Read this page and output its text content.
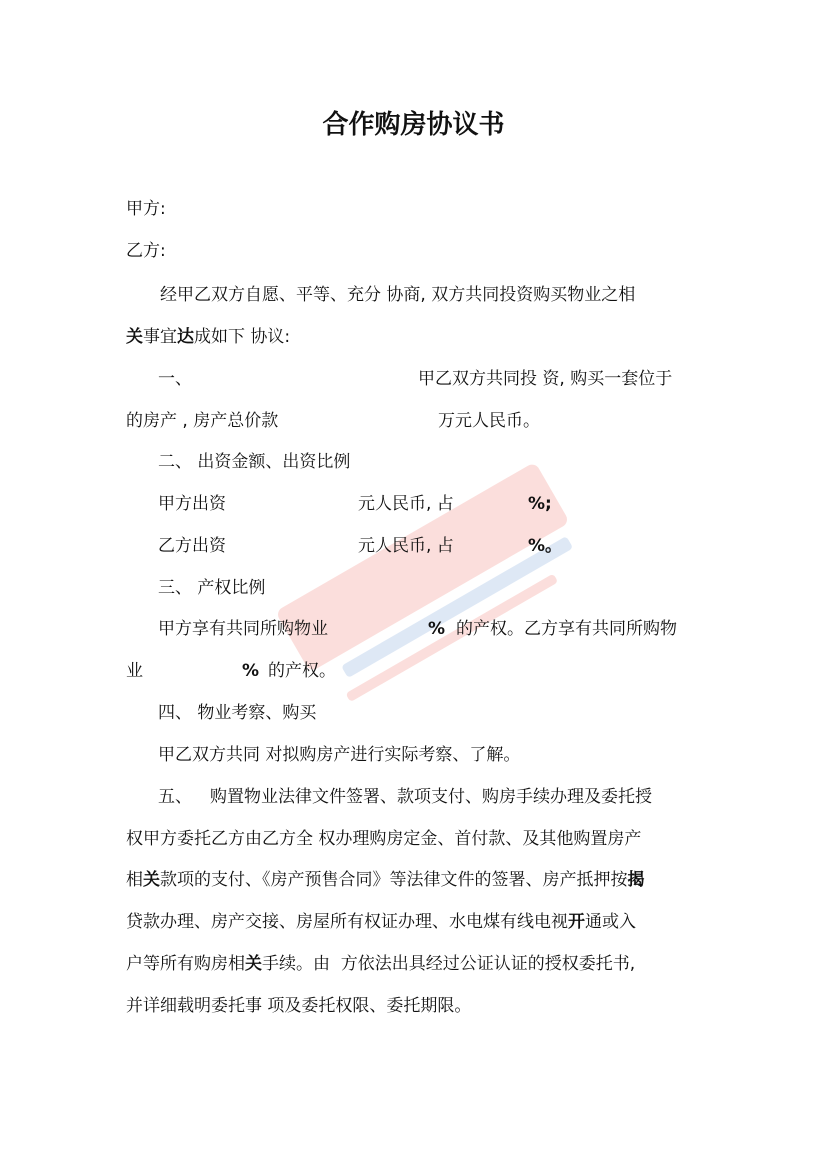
合作购房协议书
甲方:
乙方:
经甲乙双方自愿、平等、充分 协商, 双方共同投资购买物业之相
关事宜达成如下 协议:
一、	甲乙双方共同投 资, 购买一套位于
的房产 , 房产总价款	万元人民币。
二、 出资金额、出资比例
甲方出资	元人民币, 占	%;
乙方出资	元人民币, 占	%。
三、 产权比例
甲方享有共同所购物业	% 的产权。乙方享有共同所购物
业	% 的产权。
四、 物业考察、购买
甲乙双方共同 对拟购房产进行实际考察、了解。
五、 购置物业法律文件签署、款项支付、购房手续办理及委托授
权甲方委托乙方由乙方全 权办理购房定金、首付款、及其他购置房产
相关款项的支付、《房产预售合同》等法律文件的签署、房产抵押按揭
贷款办理、房产交接、房屋所有权证办理、水电煤有线电视开通或入
户等所有购房相关手续。由  方依法出具经过公证认证的授权委托书,
并详细载明委托事 项及委托权限、委托期限。
